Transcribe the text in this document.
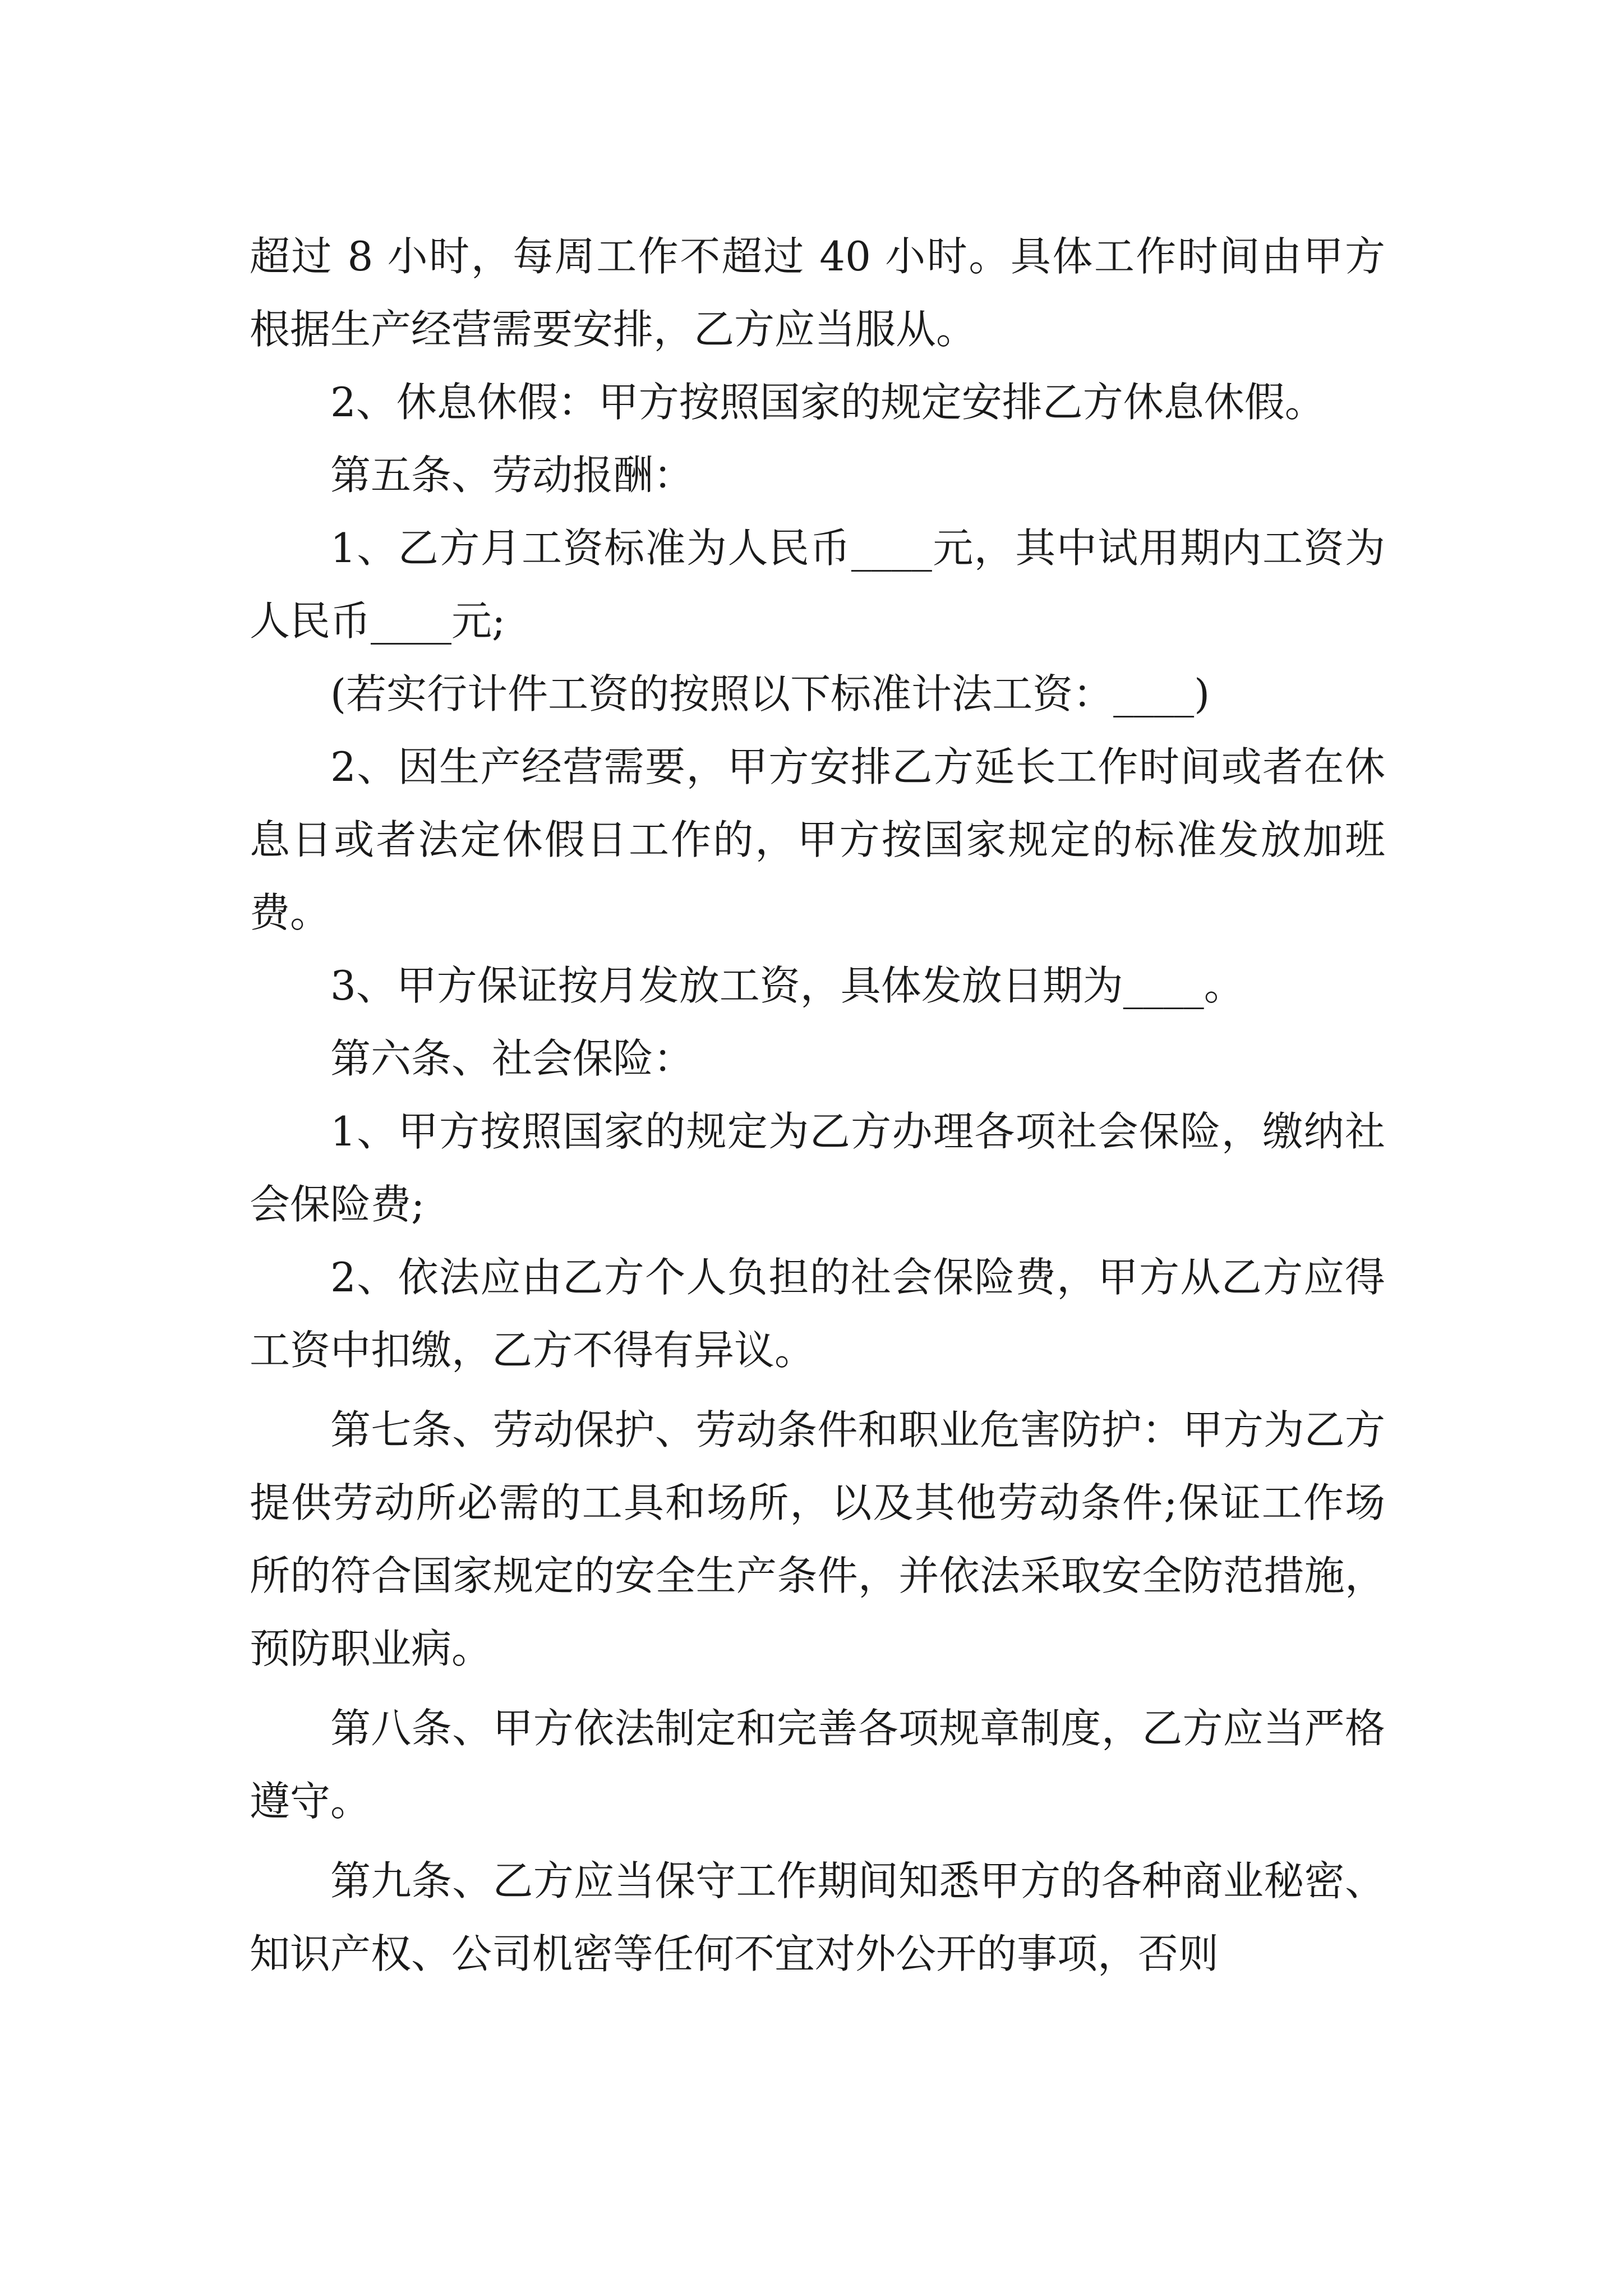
超过 8 小时，每周工作不超过 40 小时。具体工作时间由甲方根据生产经营需要安排，乙方应当服从。

2、休息休假：甲方按照国家的规定安排乙方休息休假。

第五条、劳动报酬：

1、乙方月工资标准为人民币____元，其中试用期内工资为人民币____元;

(若实行计件工资的按照以下标准计法工资：____)

2、因生产经营需要，甲方安排乙方延长工作时间或者在休息日或者法定休假日工作的，甲方按国家规定的标准发放加班费。

3、甲方保证按月发放工资，具体发放日期为____。

第六条、社会保险：

1、甲方按照国家的规定为乙方办理各项社会保险，缴纳社会保险费;

2、依法应由乙方个人负担的社会保险费，甲方从乙方应得工资中扣缴，乙方不得有异议。

第七条、劳动保护、劳动条件和职业危害防护：甲方为乙方提供劳动所必需的工具和场所，以及其他劳动条件;保证工作场所的符合国家规定的安全生产条件，并依法采取安全防范措施，预防职业病。

第八条、甲方依法制定和完善各项规章制度，乙方应当严格遵守。

第九条、乙方应当保守工作期间知悉甲方的各种商业秘密、知识产权、公司机密等任何不宜对外公开的事项，否则
